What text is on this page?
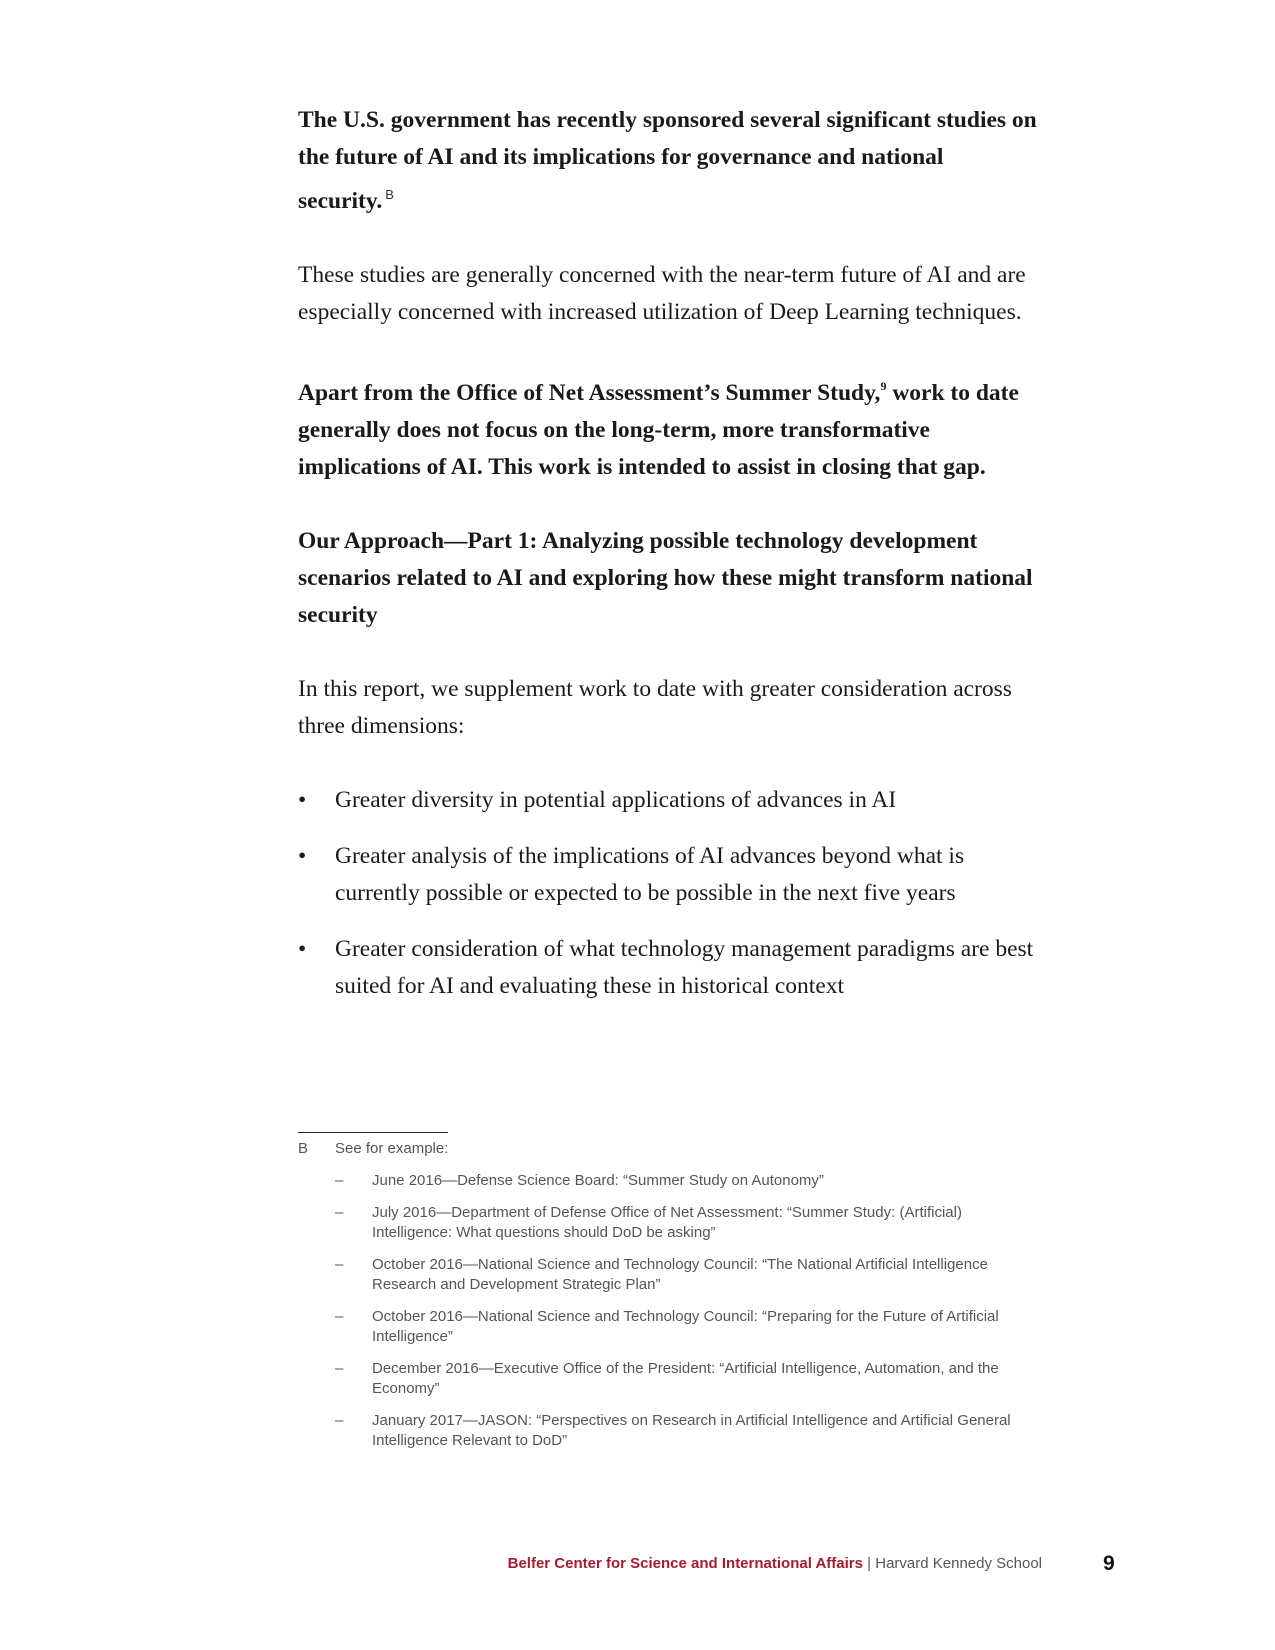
The U.S. government has recently sponsored several significant studies on the future of AI and its implications for governance and national security. $^B$

These studies are generally concerned with the near-term future of AI and are especially concerned with increased utilization of Deep Learning techniques.

Apart from the Office of Net Assessment’s Summer Study,$^9$ work to date generally does not focus on the long-term, more transformative implications of AI. This work is intended to assist in closing that gap.

Our Approach—Part 1: Analyzing possible technology development scenarios related to AI and exploring how these might transform national security

In this report, we supplement work to date with greater consideration across three dimensions:

• Greater diversity in potential applications of advances in AI
• Greater analysis of the implications of AI advances beyond what is currently possible or expected to be possible in the next five years
• Greater consideration of what technology management paradigms are best suited for AI and evaluating these in historical context
B	See for example:
– June 2016—Defense Science Board: “Summer Study on Autonomy”
– July 2016—Department of Defense Office of Net Assessment: “Summer Study: (Artificial) Intelligence: What questions should DoD be asking”
– October 2016—National Science and Technology Council: “The National Artificial Intelligence Research and Development Strategic Plan”
– October 2016—National Science and Technology Council: “Preparing for the Future of Artificial Intelligence”
– December 2016—Executive Office of the President: “Artificial Intelligence, Automation, and the Economy”
– January 2017—JASON: “Perspectives on Research in Artificial Intelligence and Artificial General Intelligence Relevant to DoD”
Belfer Center for Science and International Affairs | Harvard Kennedy School	9
